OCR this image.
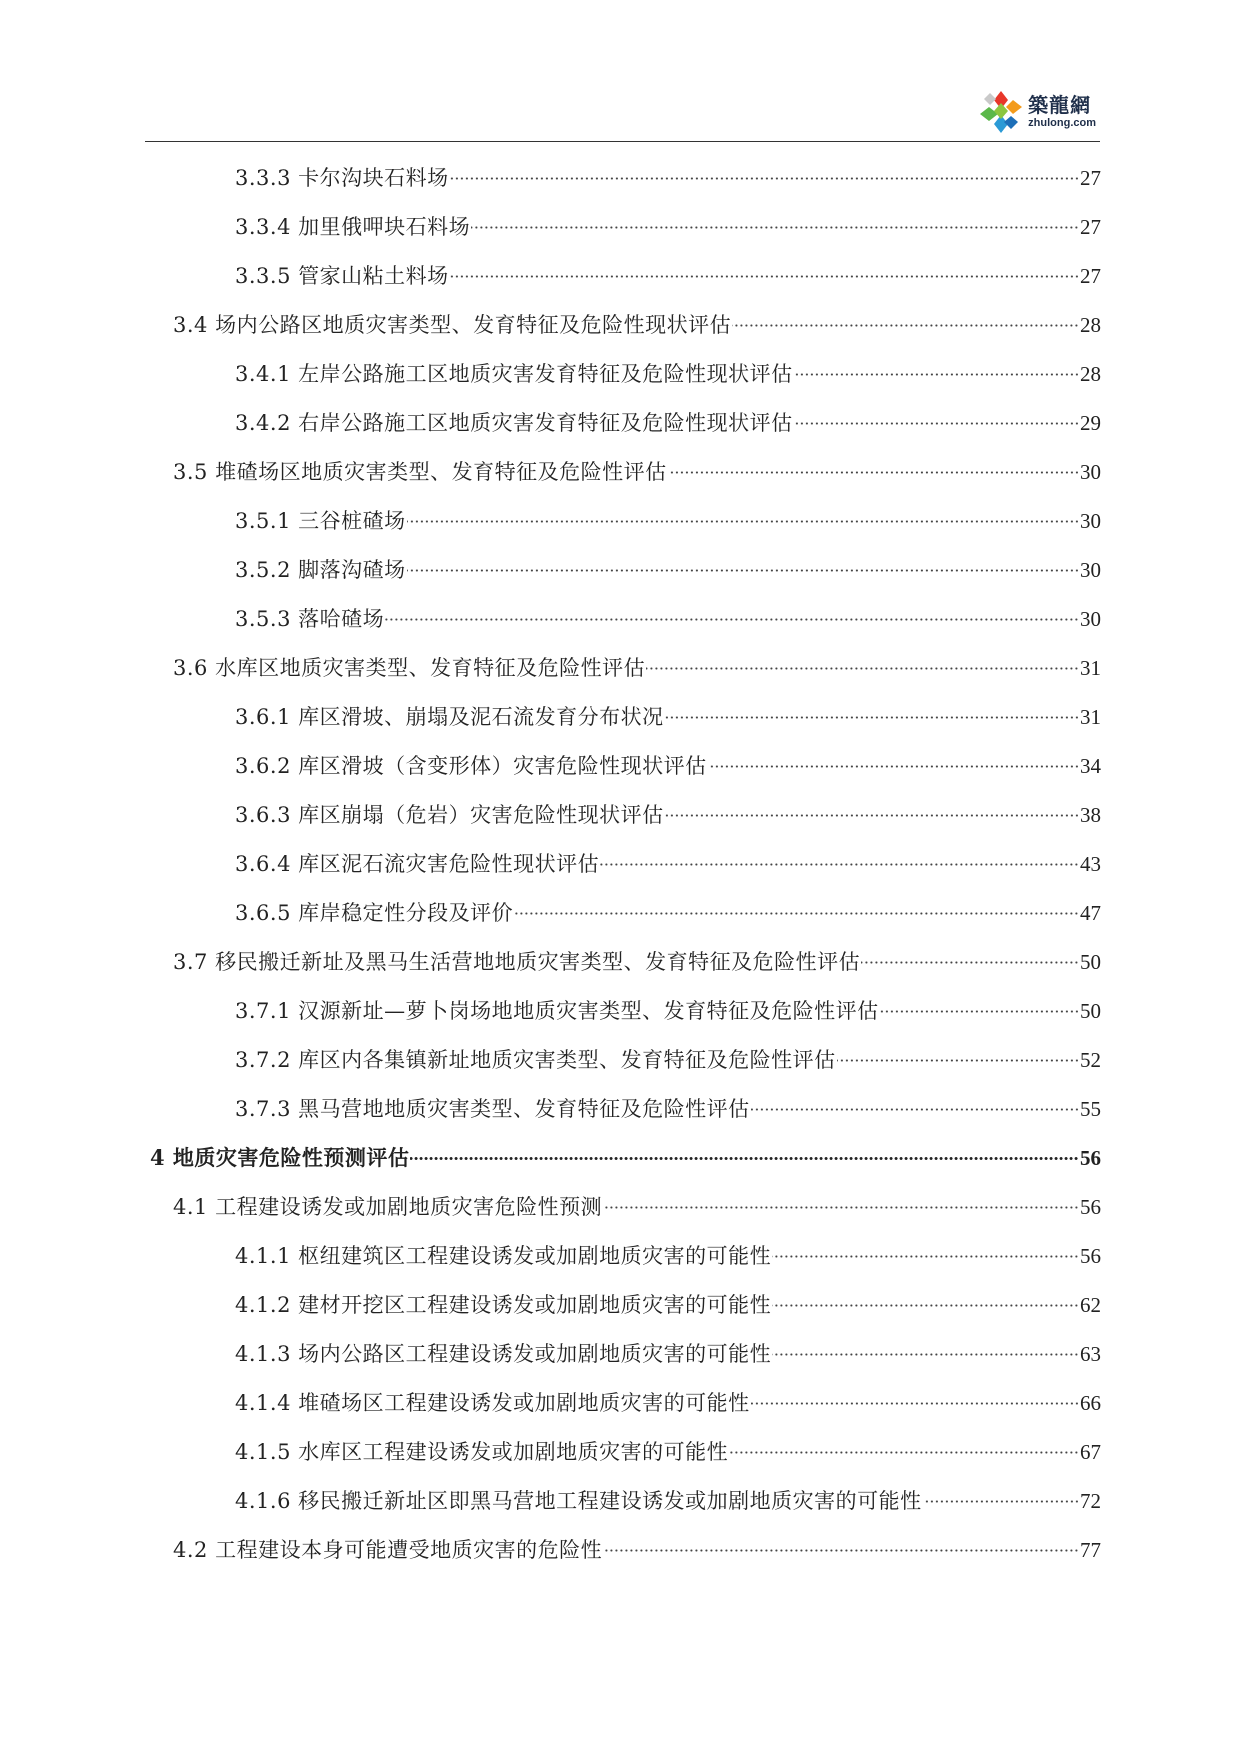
築龍網
zhulong.com
3.3.3 卡尔沟块石料场	27
3.3.4 加里俄呷块石料场	27
3.3.5 管家山粘土料场	27
3.4 场内公路区地质灾害类型、发育特征及危险性现状评估	28
3.4.1 左岸公路施工区地质灾害发育特征及危险性现状评估	28
3.4.2 右岸公路施工区地质灾害发育特征及危险性现状评估	29
3.5 堆碴场区地质灾害类型、发育特征及危险性评估	30
3.5.1 三谷桩碴场	30
3.5.2 脚落沟碴场	30
3.5.3 落哈碴场	30
3.6 水库区地质灾害类型、发育特征及危险性评估	31
3.6.1 库区滑坡、崩塌及泥石流发育分布状况	31
3.6.2 库区滑坡（含变形体）灾害危险性现状评估	34
3.6.3 库区崩塌（危岩）灾害危险性现状评估	38
3.6.4 库区泥石流灾害危险性现状评估	43
3.6.5 库岸稳定性分段及评价	47
3.7 移民搬迁新址及黑马生活营地地质灾害类型、发育特征及危险性评估	50
3.7.1 汉源新址—萝卜岗场地地质灾害类型、发育特征及危险性评估	50
3.7.2 库区内各集镇新址地质灾害类型、发育特征及危险性评估	52
3.7.3 黑马营地地质灾害类型、发育特征及危险性评估	55
4 地质灾害危险性预测评估	56
4.1 工程建设诱发或加剧地质灾害危险性预测	56
4.1.1 枢纽建筑区工程建设诱发或加剧地质灾害的可能性	56
4.1.2 建材开挖区工程建设诱发或加剧地质灾害的可能性	62
4.1.3 场内公路区工程建设诱发或加剧地质灾害的可能性	63
4.1.4 堆碴场区工程建设诱发或加剧地质灾害的可能性	66
4.1.5 水库区工程建设诱发或加剧地质灾害的可能性	67
4.1.6 移民搬迁新址区即黑马营地工程建设诱发或加剧地质灾害的可能性	72
4.2 工程建设本身可能遭受地质灾害的危险性	77
